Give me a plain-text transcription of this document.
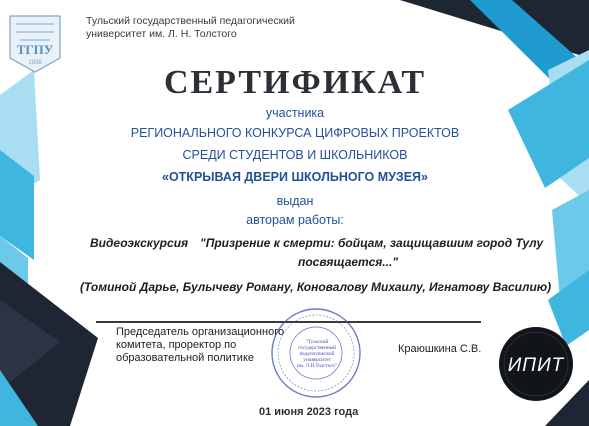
ТГПУ
1938
Тульский государственный педагогический
университет им. Л. Н. Толстого
СЕРТИФИКАТ
участника
РЕГИОНАЛЬНОГО КОНКУРСА ЦИФРОВЫХ ПРОЕКТОВ
СРЕДИ СТУДЕНТОВ И ШКОЛЬНИКОВ
«ОТКРЫВАЯ ДВЕРИ ШКОЛЬНОГО МУЗЕЯ»
выдан
авторам работы:
Видеоэкскурсия "Призрение к смерти: бойцам, защищавшим город Тулу
посвящается..."
(Томиной Дарье, Булычеву Роману, Коновалову Михаилу, Игнатову Василию)
Председатель организационного
комитета, проректор по
образовательной политике
Краюшкина С.В.
"Тульский
государственный
педагогический
университет
им. Л.Н.Толстого"	ИПИТ
01 июня 2023 года
